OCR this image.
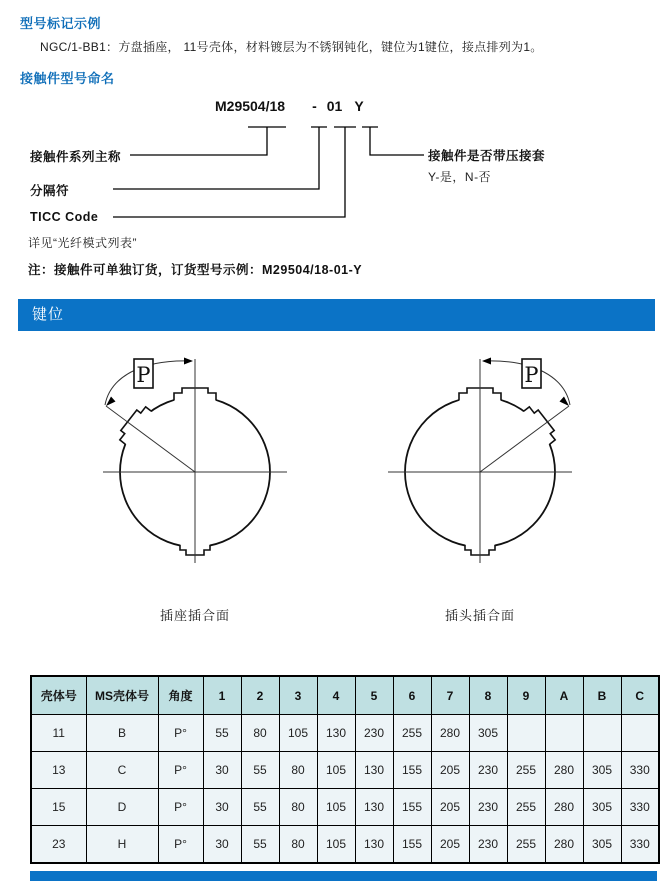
型号标记示例
NGC/1-BB1：方盘插座， 11号壳体，材料镀层为不锈钢钝化，键位为1键位，接点排列为1。
接触件型号命名
M29504/18 - 01 Y
接触件系列主称
分隔符
TICC Code
详见“光纤模式列表”
接触件是否带压接套
Y-是，N-否
注：接触件可单独订货，订货型号示例：M29504/18-01-Y
键位
P	P
插座插合面	插头插合面
壳体号	MS壳体号	角度	1	2	3	4	5	6	7	8	9	A	B	C
11	B	P°	55	80	105	130	230	255	280	305				
13	C	P°	30	55	80	105	130	155	205	230	255	280	305	330
15	D	P°	30	55	80	105	130	155	205	230	255	280	305	330
23	H	P°	30	55	80	105	130	155	205	230	255	280	305	330
